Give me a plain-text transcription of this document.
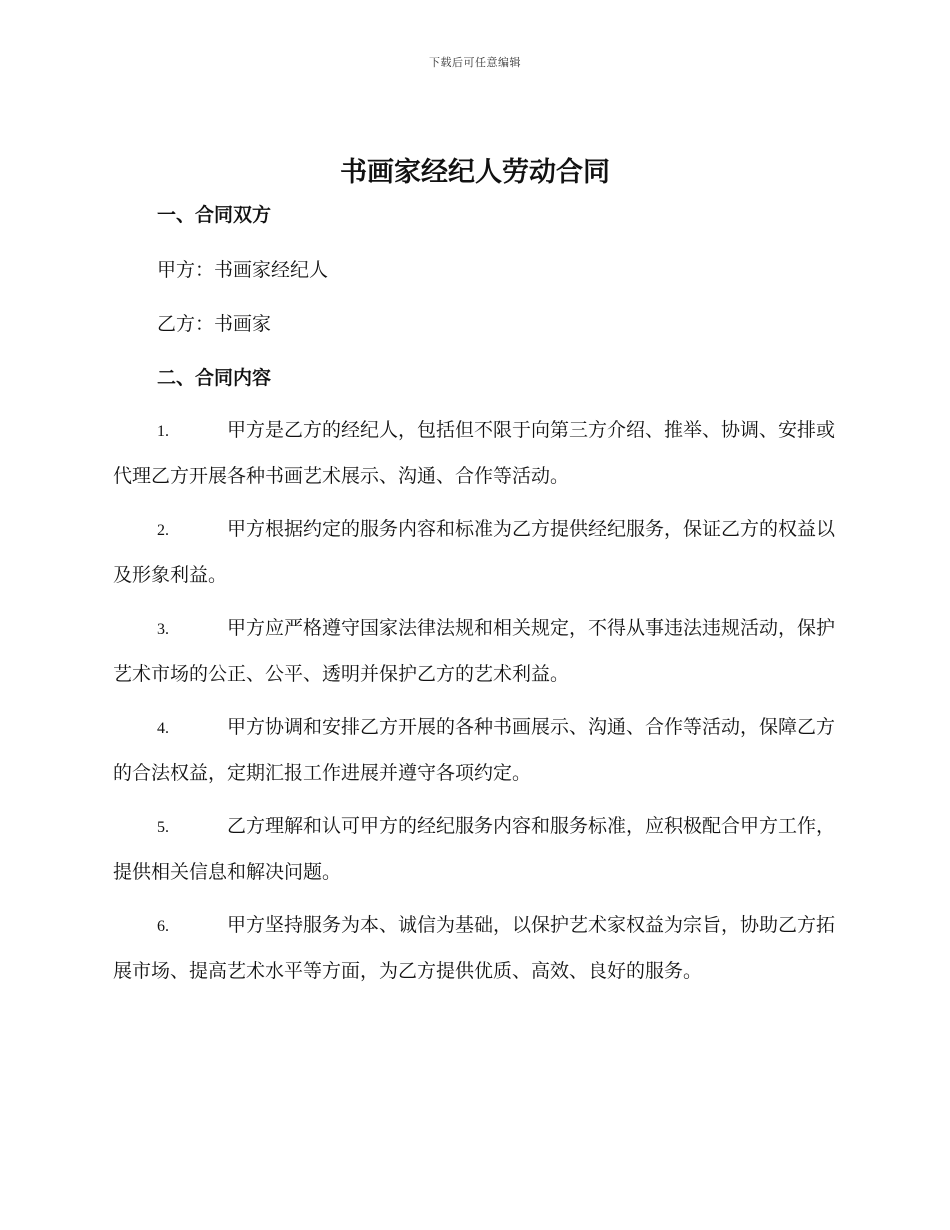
下载后可任意编辑
书画家经纪人劳动合同
一、合同双方
甲方：书画家经纪人
乙方：书画家
二、合同内容
1.	甲方是乙方的经纪人，包括但不限于向第三方介绍、推举、协调、安排或代理乙方开展各种书画艺术展示、沟通、合作等活动。
2.	甲方根据约定的服务内容和标准为乙方提供经纪服务，保证乙方的权益以及形象利益。
3.	甲方应严格遵守国家法律法规和相关规定，不得从事违法违规活动，保护艺术市场的公正、公平、透明并保护乙方的艺术利益。
4.	甲方协调和安排乙方开展的各种书画展示、沟通、合作等活动，保障乙方的合法权益，定期汇报工作进展并遵守各项约定。
5.	乙方理解和认可甲方的经纪服务内容和服务标准，应积极配合甲方工作，提供相关信息和解决问题。
6.	甲方坚持服务为本、诚信为基础，以保护艺术家权益为宗旨，协助乙方拓展市场、提高艺术水平等方面，为乙方提供优质、高效、良好的服务。
